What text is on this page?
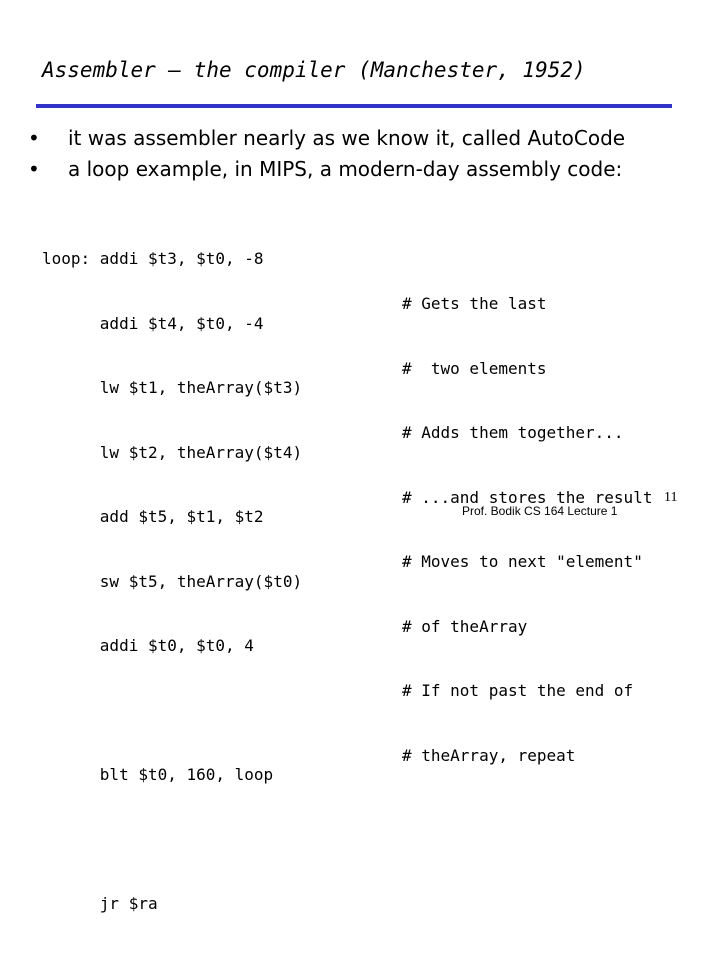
Assembler – the compiler (Manchester, 1952)
•	it was assembler nearly as we know it, called AutoCode
•	a loop example, in MIPS, a modern-day assembly code:

loop: addi $t3, $t0, -8

addi $t4, $t0, -4

lw $t1, theArray($t3)

lw $t2, theArray($t4)

add $t5, $t1, $t2

sw $t5, theArray($t0)

addi $t0, $t0, 4

blt $t0, 160, loop

jr $ra

# Gets the last

#  two elements

# Adds them together...

# ...and stores the result

# Moves to next "element"

# of theArray

# If not past the end of

# theArray, repeat

11
Prof. Bodik CS 164 Lecture 1
